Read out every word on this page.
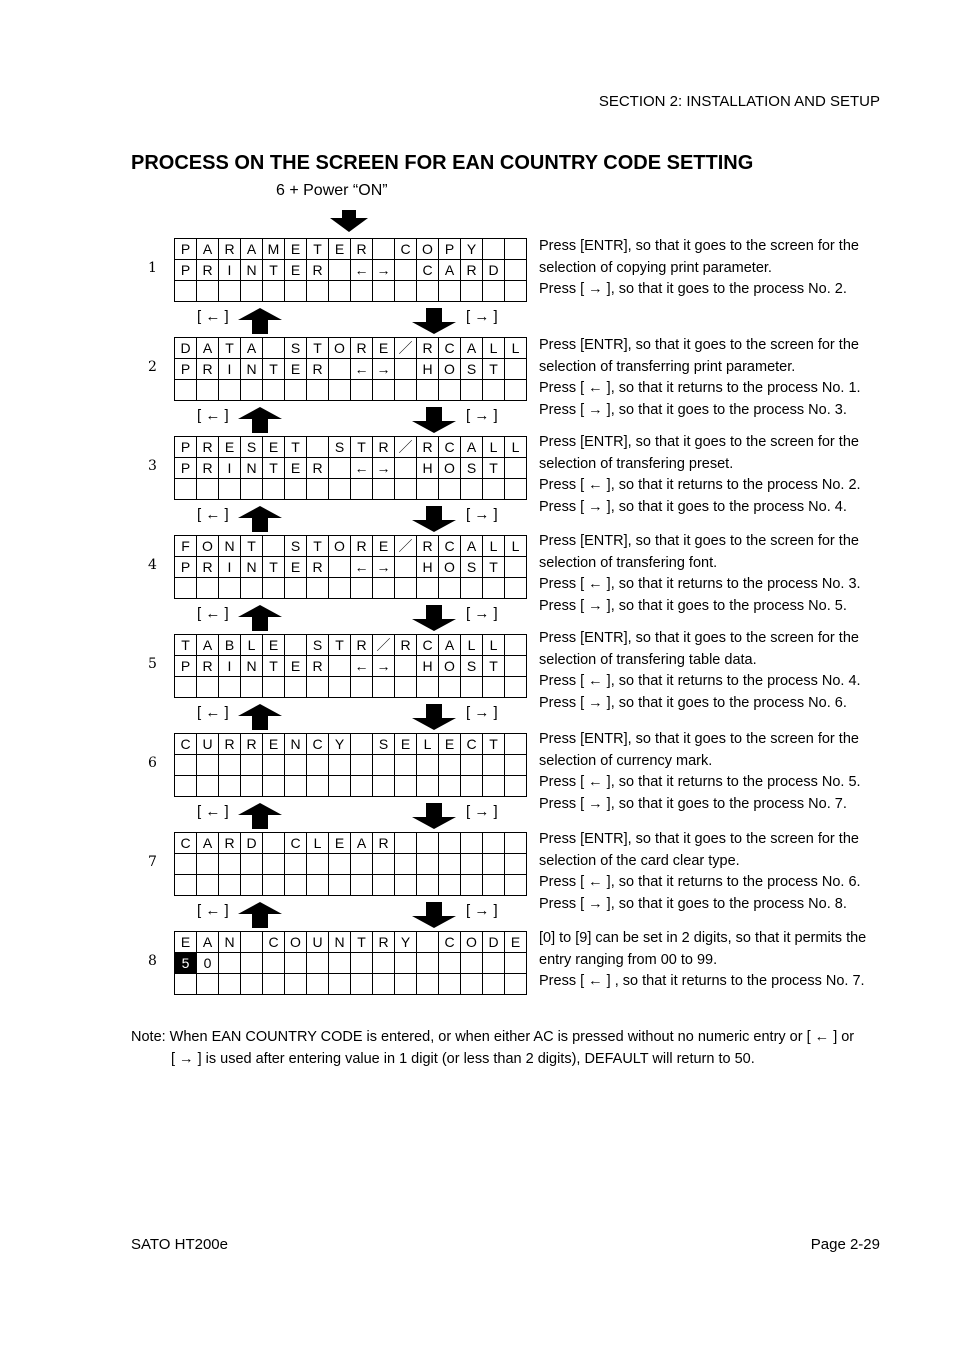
SECTION 2: INSTALLATION AND SETUP
PROCESS ON THE SCREEN FOR EAN COUNTRY CODE SETTING
6 + Power “ON”
1
P	A	R	A	M	E	T	E	R		C	O	P	Y		
P	R	I	N	T	E	R		←	→		C	A	R	D	

Press [ENTR], so that it goes to the screen for the
selection of copying print parameter.
Press [ → ], so that it goes to the process No. 2.
[ ← ]	[ → ]
2
D	A	T	A		S	T	O	R	E	／	R	C	A	L	L
P	R	I	N	T	E	R		←	→		H	O	S	T	

Press [ENTR], so that it goes to the screen for the
selection of transferring print parameter.
Press [ ← ], so that it returns to the process No. 1.
Press [ → ], so that it goes to the process No. 3.
[ ← ]	[ → ]
3
P	R	E	S	E	T		S	T	R	／	R	C	A	L	L
P	R	I	N	T	E	R		←	→		H	O	S	T	

Press [ENTR], so that it goes to the screen for the
selection of transfering preset.
Press [ ← ], so that it returns to the process No. 2.
Press [ → ], so that it goes to the process No. 4.
[ ← ]	[ → ]
4
F	O	N	T		S	T	O	R	E	／	R	C	A	L	L
P	R	I	N	T	E	R		←	→		H	O	S	T	

Press [ENTR], so that it goes to the screen for the
selection of transfering font.
Press [ ← ], so that it returns to the process No. 3.
Press [ → ], so that it goes to the process No. 5.
[ ← ]	[ → ]
5
T	A	B	L	E		S	T	R	／	R	C	A	L	L	
P	R	I	N	T	E	R		←	→		H	O	S	T	

Press [ENTR], so that it goes to the screen for the
selection of transfering table data.
Press [ ← ], so that it returns to the process No. 4.
Press [ → ], so that it goes to the process No. 6.
[ ← ]	[ → ]
6
C	U	R	R	E	N	C	Y		S	E	L	E	C	T	

																Press [ENTR], so that it goes to the screen for the
selection of currency mark.
Press [ ← ], so that it returns to the process No. 5.
Press [ → ], so that it goes to the process No. 7.
[ ← ]	[ → ]
7
C	A	R	D		C	L	E	A	R						

																Press [ENTR], so that it goes to the screen for the
selection of the card clear type.
Press [ ← ], so that it returns to the process No. 6.
Press [ → ], so that it goes to the process No. 8.
[ ← ]	[ → ]
8
E	A	N		C	O	U	N	T	R	Y		C	O	D	E
5	0														

[0] to [9] can be set in 2 digits, so that it permits the
entry ranging from 00 to 99.
Press [ ← ] , so that it returns to the process No. 7.
Note: When EAN COUNTRY CODE is entered, or when either AC is pressed without no numeric entry or [ ← ] or
[ → ] is used after entering value in 1 digit (or less than 2 digits), DEFAULT will return to 50.
SATO HT200e	Page 2-29
